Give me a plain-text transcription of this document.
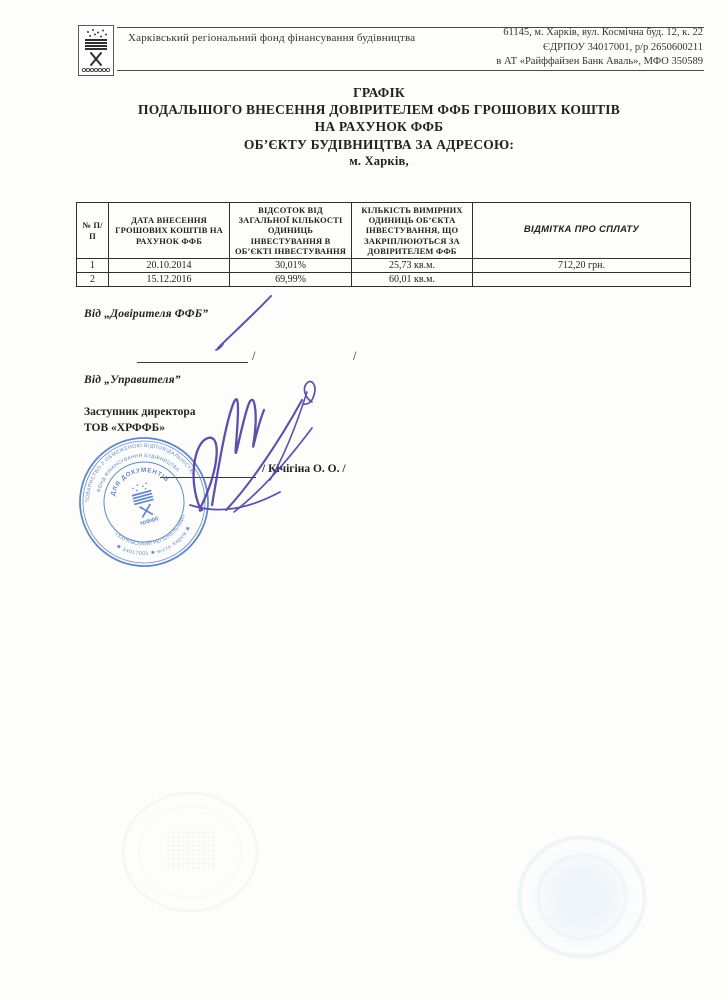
Харківський регіональний фонд фінансування будівництва	61145, м. Харків, вул. Космічна буд. 12, к. 22
ЄДРПОУ 34017001, р/р 2650600211
в АТ «Райффайзен Банк Аваль», МФО 350589
ГРАФІК
ПОДАЛЬШОГО ВНЕСЕННЯ ДОВІРИТЕЛЕМ ФФБ ГРОШОВИХ КОШТІВ
НА РАХУНОК ФФБ
ОБ’ЄКТУ БУДІВНИЦТВА ЗА АДРЕСОЮ:
м. Харків,
№ П/П	ДАТА ВНЕСЕННЯ ГРОШОВИХ КОШТІВ НА РАХУНОК ФФБ	ВІДСОТОК ВІД ЗАГАЛЬНОЇ КІЛЬКОСТІ ОДИНИЦЬ ІНВЕСТУВАННЯ В ОБ’ЄКТІ ІНВЕСТУВАННЯ	КІЛЬКІСТЬ ВИМІРНИХ ОДИНИЦЬ ОБ’ЄКТА ІНВЕСТУВАННЯ, ЩО ЗАКРІПЛЮЮТЬСЯ ЗА ДОВІРИТЕЛЕМ ФФБ	ВІДМІТКА ПРО СПЛАТУ
1	20.10.2014	30,01%	25,73 кв.м.	712,20 грн.
2	15.12.2016	69,99%	60,01 кв.м.	
Від „Довірителя ФФБ”
/	/
Від „Управителя”
Заступник директора
ТОВ «ХРФФБ»
/ Кічігіна О. О. /
ТОВАРИСТВО З ОБМЕЖЕНОЮ ВІДПОВІДАЛЬНІСТЮ
✱ 34017001 ✱ місто Харків ✱
ФОНД ФІНАНСУВАННЯ БУДІВНИЦТВА
«ХАРКІВСЬКИЙ РЕГІОНАЛЬНИЙ»
ДЛЯ ДОКУМЕНТІВ
хрффб
